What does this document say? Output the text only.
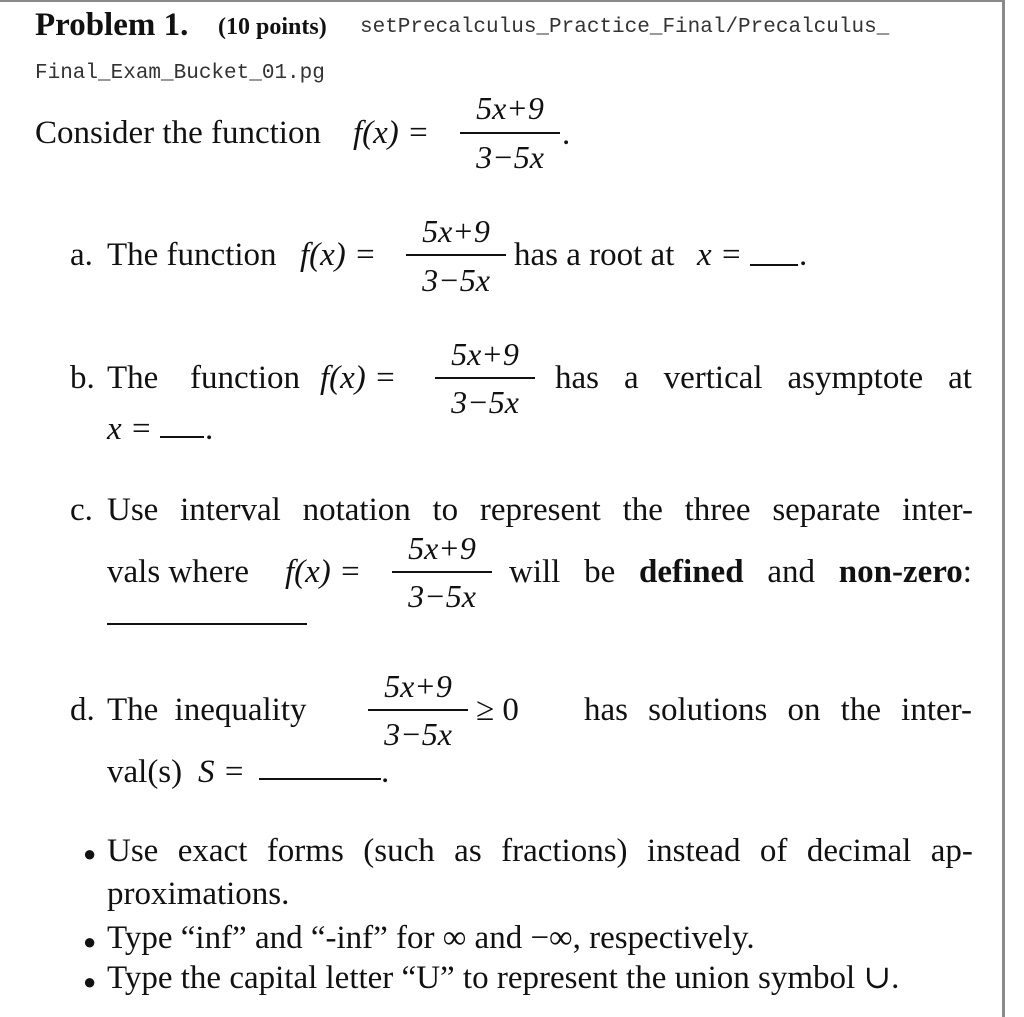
Problem 1. (10 points) setPrecalculus_Practice_Final/Precalculus_
Final_Exam_Bucket_01.pg
Consider the function f(x) =
5x+9
3−5x
.
a. The function f(x) =
5x+9
3−5x
has a root at x = .
b. The function f(x) =
5x+9
3−5x
has a vertical asymptote at
x = .
c. Use interval notation to represent the three separate inter-
vals where f(x) =
5x+9
3−5x
will be defined and non-zero:
d. The inequality
5x+9
3−5x
≥ 0 has solutions on the inter-
val(s) S =	.
● Use exact forms (such as fractions) instead of decimal ap-
proximations.
● Type “inf” and “-inf” for ∞ and −∞, respectively.
● Type the capital letter “U” to represent the union symbol ∪.
